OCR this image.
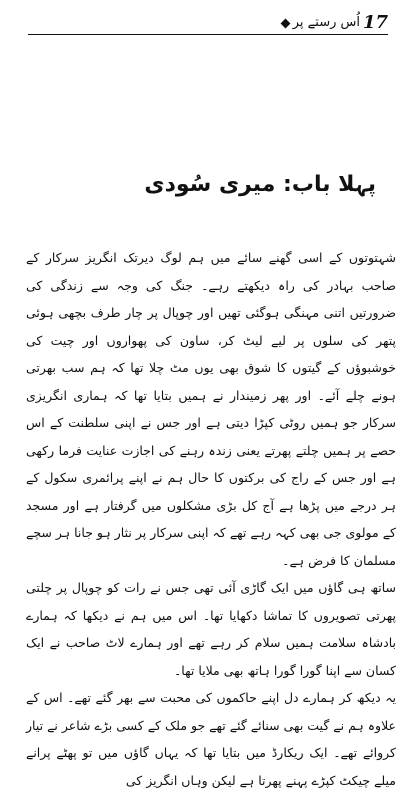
17
اُس رستے پر
پہلا باب: میری سُودی

شہتوتوں کے اسی گھنے سائے میں ہم لوگ دیرتک انگریز سرکار کے صاحب بہادر کی راہ دیکھتے رہے۔ جنگ کی وجہ سے زندگی کی ضرورتیں اتنی مہنگی ہوگئی تھیں اور چوپال پر چار طرف بچھی ہوئی پتھر کی سلوں پر لیے لیٹ کر، ساون کی پھواروں اور چیت کی خوشبوؤں کے گیتوں کا شوق بھی یوں مٹ چلا تھا کہ ہم سب بھرتی ہونے چلے آئے۔ اور پھر زمیندار نے ہمیں بتایا تھا کہ ہماری انگریزی سرکار جو ہمیں روٹی کپڑا دیتی ہے اور جس نے اپنی سلطنت کے اس حصے پر ہمیں چلتے پھرتے یعنی زندہ رہنے کی اجازت عنایت فرما رکھی ہے اور جس کے راج کی برکتوں کا حال ہم نے اپنے پرائمری سکول کے ہر درجے میں پڑھا ہے آج کل بڑی مشکلوں میں گرفتار ہے اور مسجد کے مولوی جی بھی کہہ رہے تھے کہ اپنی سرکار پر نثار ہو جانا ہر سچے مسلمان کا فرض ہے۔

ساتھ ہی گاؤں میں ایک گاڑی آئی تھی جس نے رات کو چوپال پر چلتی پھرتی تصویروں کا تماشا دکھایا تھا۔ اس میں ہم نے دیکھا کہ ہمارے بادشاہ سلامت ہمیں سلام کر رہے تھے اور ہمارے لاٹ صاحب نے ایک کسان سے اپنا گورا گورا ہاتھ بھی ملایا تھا۔

یہ دیکھ کر ہمارے دل اپنے حاکموں کی محبت سے بھر گئے تھے۔ اس کے علاوہ ہم نے گیت بھی سنائے گئے تھے جو ملک کے کسی بڑے شاعر نے تیار کروائے تھے۔ ایک ریکارڈ میں بتایا تھا کہ یہاں گاؤں میں تو پھٹے پرانے میلے چیکٹ کپڑے پہنے پھرتا ہے لیکن وہاں انگریز کی
